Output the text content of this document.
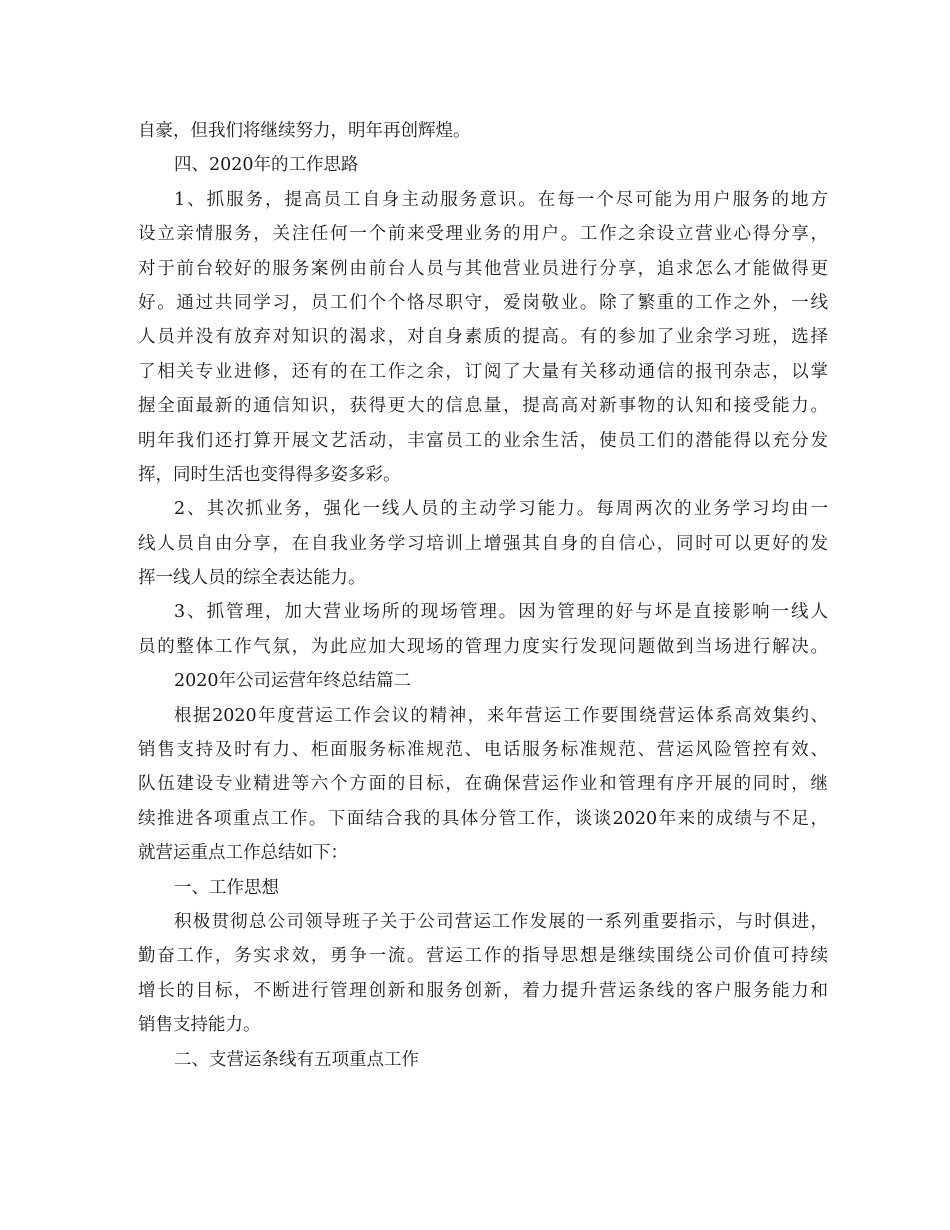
自豪，但我们将继续努力，明年再创辉煌。
四、2020年的工作思路
1、抓服务，提高员工自身主动服务意识。在每一个尽可能为用户服务的地方
设立亲情服务，关注任何一个前来受理业务的用户。工作之余设立营业心得分享，
对于前台较好的服务案例由前台人员与其他营业员进行分享，追求怎么才能做得更
好。通过共同学习，员工们个个恪尽职守，爱岗敬业。除了繁重的工作之外，一线
人员并没有放弃对知识的渴求，对自身素质的提高。有的参加了业余学习班，选择
了相关专业进修，还有的在工作之余，订阅了大量有关移动通信的报刊杂志，以掌
握全面最新的通信知识，获得更大的信息量，提高高对新事物的认知和接受能力。
明年我们还打算开展文艺活动，丰富员工的业余生活，使员工们的潜能得以充分发
挥，同时生活也变得得多姿多彩。
2、其次抓业务，强化一线人员的主动学习能力。每周两次的业务学习均由一
线人员自由分享，在自我业务学习培训上增强其自身的自信心，同时可以更好的发
挥一线人员的综全表达能力。
3、抓管理，加大营业场所的现场管理。因为管理的好与坏是直接影响一线人
员的整体工作气氛，为此应加大现场的管理力度实行发现问题做到当场进行解决。
2020年公司运营年终总结篇二
根据2020年度营运工作会议的精神，来年营运工作要围绕营运体系高效集约、
销售支持及时有力、柜面服务标准规范、电话服务标准规范、营运风险管控有效、
队伍建设专业精进等六个方面的目标，在确保营运作业和管理有序开展的同时，继
续推进各项重点工作。下面结合我的具体分管工作，谈谈2020年来的成绩与不足，
就营运重点工作总结如下：
一、工作思想
积极贯彻总公司领导班子关于公司营运工作发展的一系列重要指示，与时俱进，
勤奋工作，务实求效，勇争一流。营运工作的指导思想是继续围绕公司价值可持续
增长的目标，不断进行管理创新和服务创新，着力提升营运条线的客户服务能力和
销售支持能力。
二、支营运条线有五项重点工作
